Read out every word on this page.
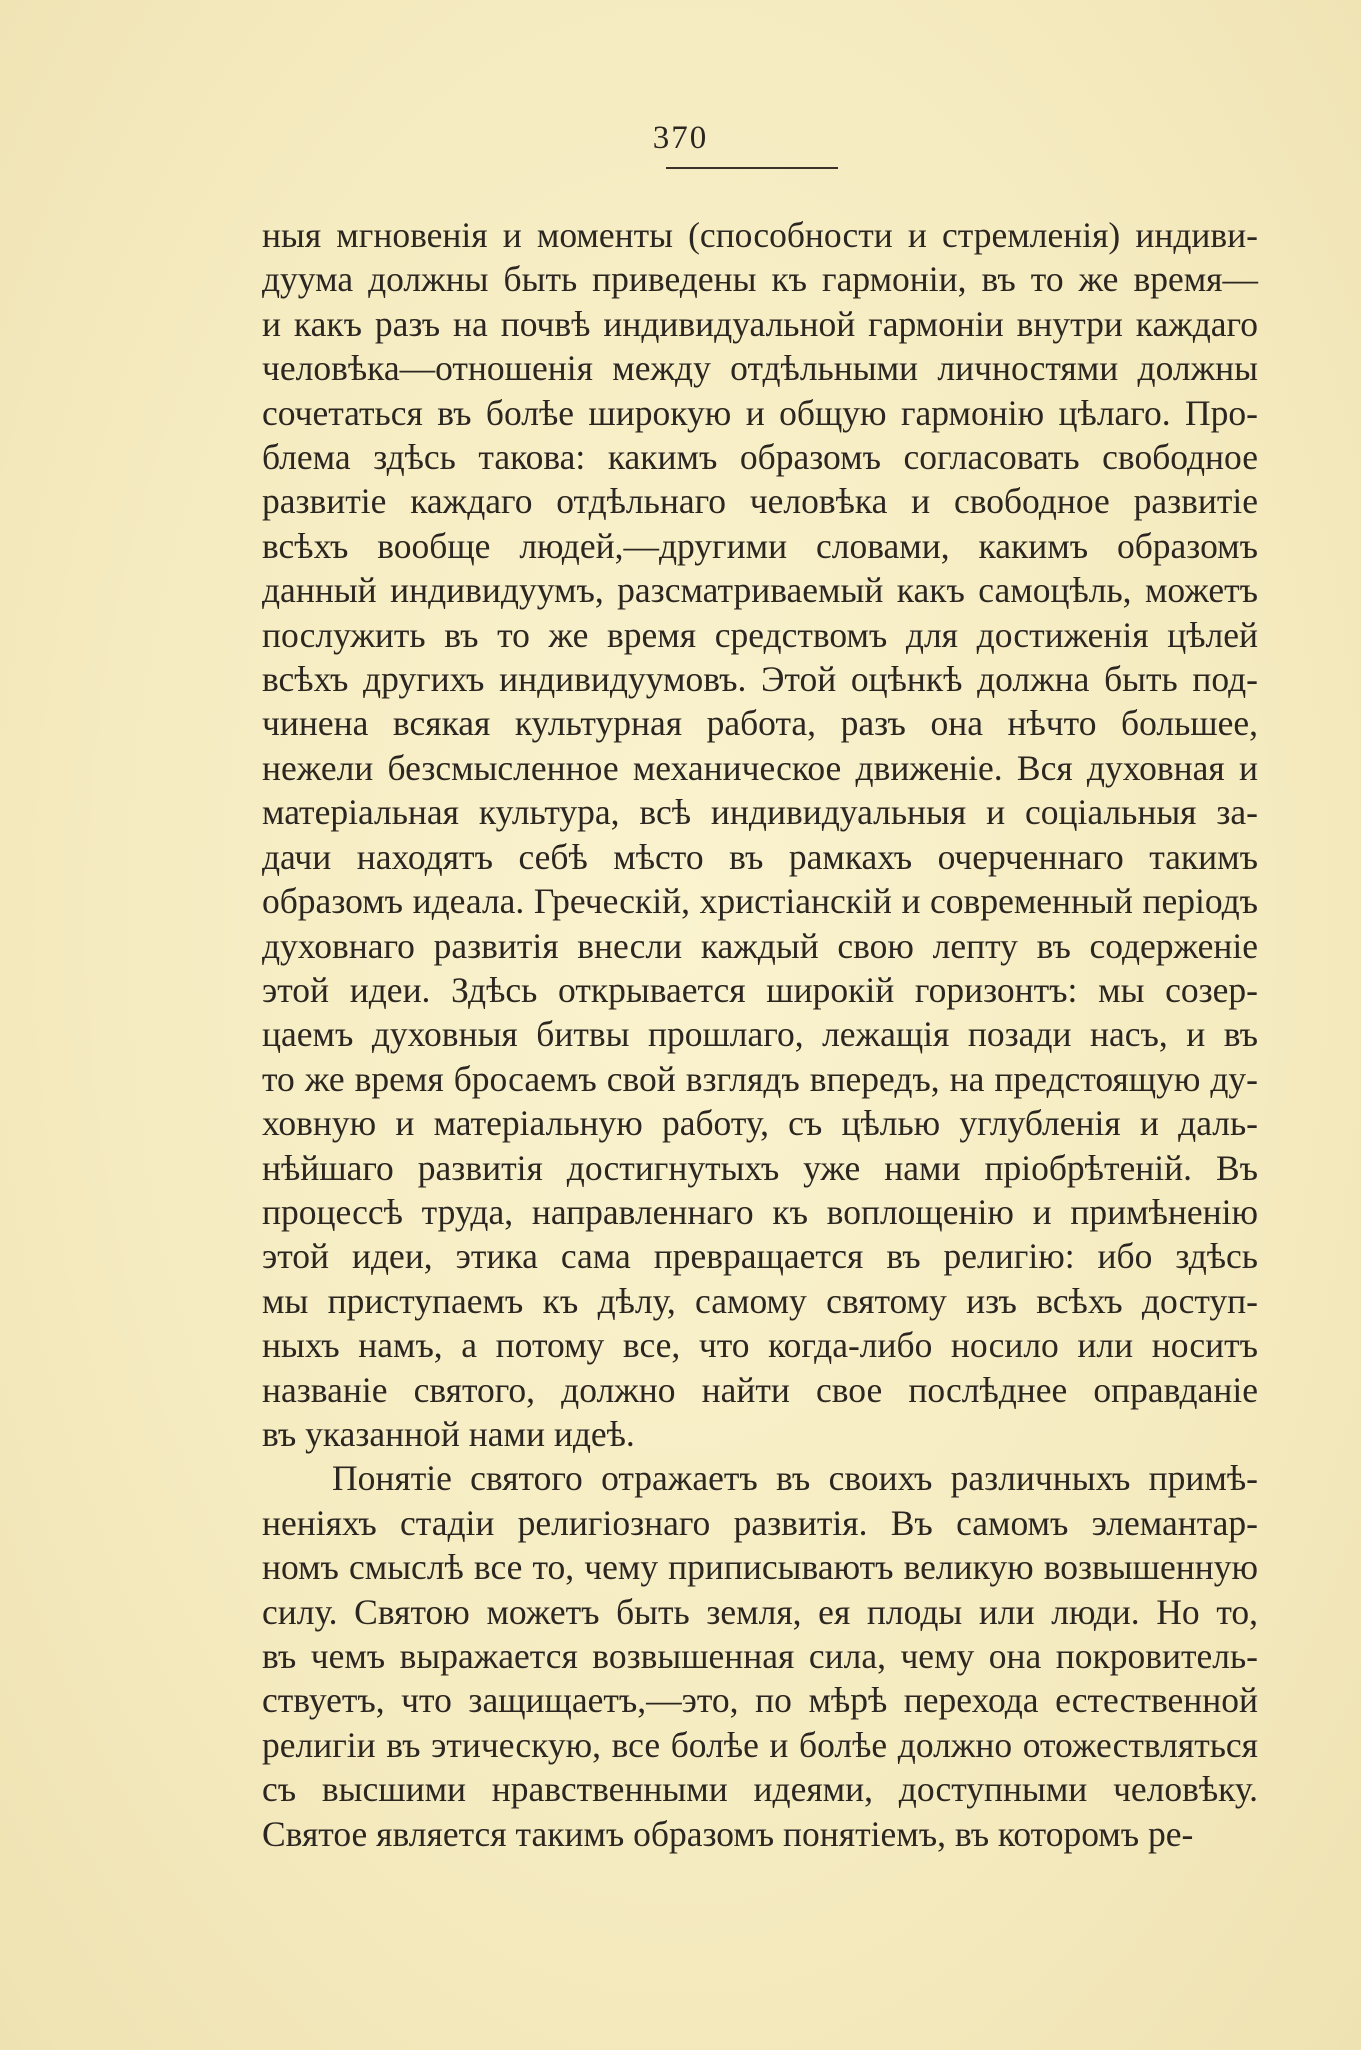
370
ныя мгновенія и моменты (способности и стремленія) индиви-
дуума должны быть приведены къ гармоніи, въ то же время—
и какъ разъ на почвѣ индивидуальной гармоніи внутри каждаго
человѣка—отношенія между отдѣльными личностями должны
сочетаться въ болѣе широкую и общую гармонію цѣлаго. Про-
блема здѣсь такова: какимъ образомъ согласовать свободное
развитіе каждаго отдѣльнаго человѣка и свободное развитіе
всѣхъ вообще людей,—другими словами, какимъ образомъ
данный индивидуумъ, разсматриваемый какъ самоцѣль, можетъ
послужить въ то же время средствомъ для достиженія цѣлей
всѣхъ другихъ индивидуумовъ. Этой оцѣнкѣ должна быть под-
чинена всякая культурная работа, разъ она нѣчто большее,
нежели безсмысленное механическое движеніе. Вся духовная и
матеріальная культура, всѣ индивидуальныя и соціальныя за-
дачи находятъ себѣ мѣсто въ рамкахъ очерченнаго такимъ
образомъ идеала. Греческій, христіанскій и современный періодъ
духовнаго развитія внесли каждый свою лепту въ содерженіе
этой идеи. Здѣсь открывается широкій горизонтъ: мы созер-
цаемъ духовныя битвы прошлаго, лежащія позади насъ, и въ
то же время бросаемъ свой взглядъ впередъ, на предстоящую ду-
ховную и матеріальную работу, съ цѣлью углубленія и даль-
нѣйшаго развитія достигнутыхъ уже нами пріобрѣтеній. Въ
процессѣ труда, направленнаго къ воплощенію и примѣненію
этой идеи, этика сама превращается въ религію: ибо здѣсь
мы приступаемъ къ дѣлу, самому святому изъ всѣхъ доступ-
ныхъ намъ, а потому все, что когда-либо носило или носитъ
названіе святого, должно найти свое послѣднее оправданіе
въ указанной нами идеѣ.
Понятіе святого отражаетъ въ своихъ различныхъ примѣ-
неніяхъ стадіи религіознаго развитія. Въ самомъ элемантар-
номъ смыслѣ все то, чему приписываютъ великую возвышенную
силу. Святою можетъ быть земля, ея плоды или люди. Но то,
въ чемъ выражается возвышенная сила, чему она покровитель-
ствуетъ, что защищаетъ,—это, по мѣрѣ перехода естественной
религіи въ этическую, все болѣе и болѣе должно отожествляться
съ высшими нравственными идеями, доступными человѣку.
Святое является такимъ образомъ понятіемъ, въ которомъ ре-
